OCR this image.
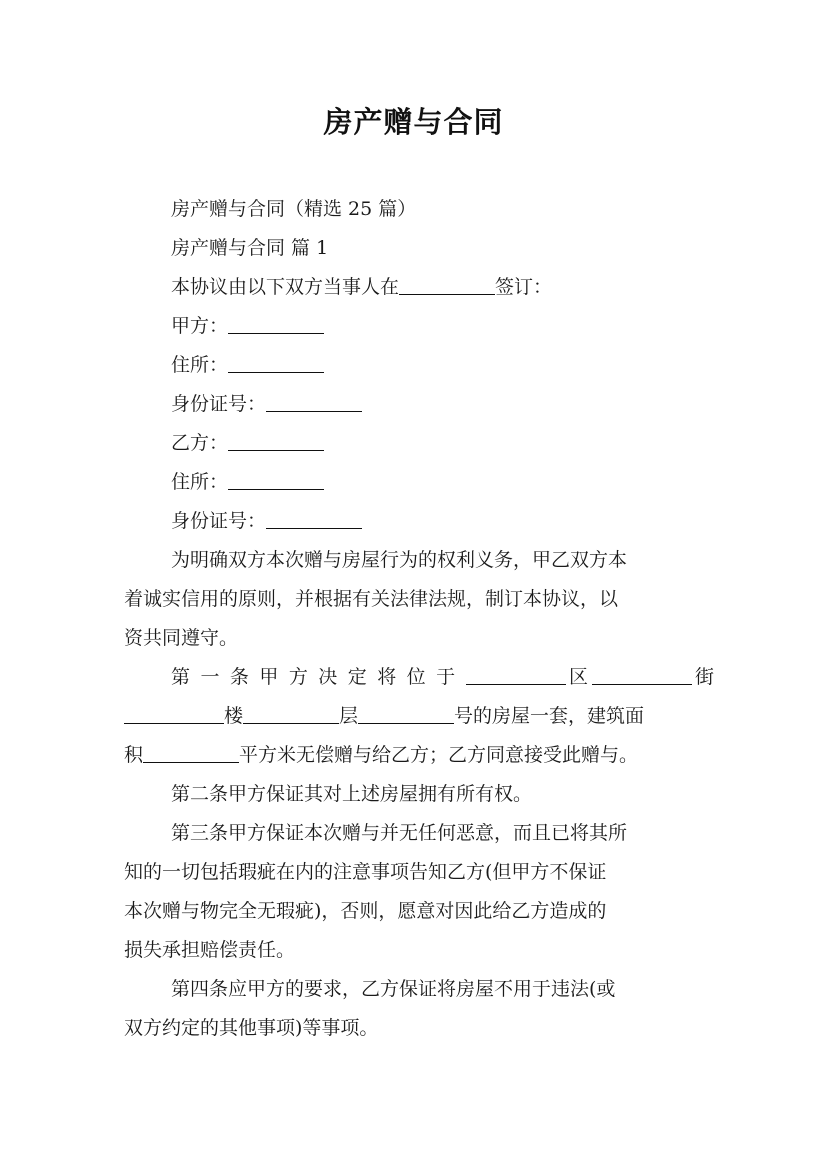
房产赠与合同
房产赠与合同（精选 25 篇）
房产赠与合同 篇 1
本协议由以下双方当事人在	签订：
甲方：
住所：
身份证号：
乙方：
住所：
身份证号：
为明确双方本次赠与房屋行为的权利义务，甲乙双方本
着诚实信用的原则，并根据有关法律法规，制订本协议，以
资共同遵守。
第一条甲方决定将位于	区	街
楼	层	号的房屋一套，建筑面
积	平方米无偿赠与给乙方；乙方同意接受此赠与。
第二条甲方保证其对上述房屋拥有所有权。
第三条甲方保证本次赠与并无任何恶意，而且已将其所
知的一切包括瑕疵在内的注意事项告知乙方(但甲方不保证
本次赠与物完全无瑕疵)，否则，愿意对因此给乙方造成的
损失承担赔偿责任。
第四条应甲方的要求，乙方保证将房屋不用于违法(或
双方约定的其他事项)等事项。
